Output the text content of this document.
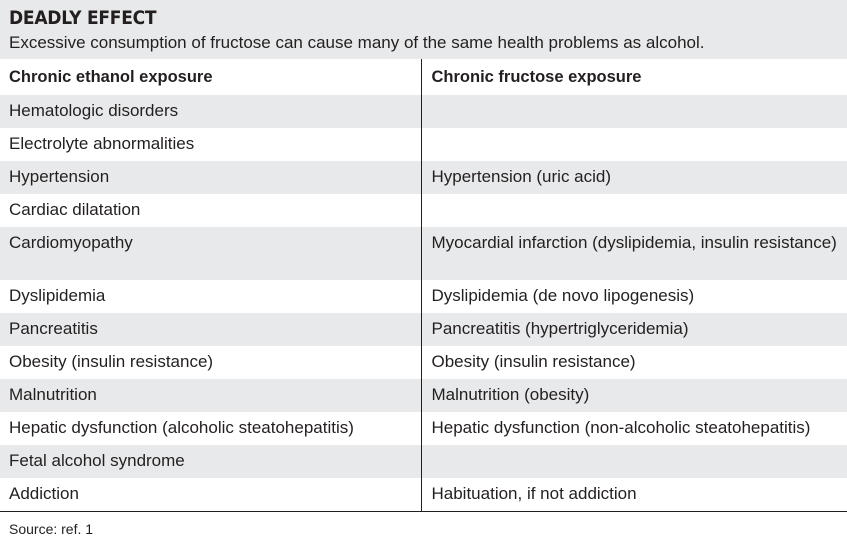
DEADLY EFFECT
Excessive consumption of fructose can cause many of the same health problems as alcohol.
Chronic ethanol exposure	Chronic fructose exposure
Hematologic disorders	
Electrolyte abnormalities	
Hypertension	Hypertension (uric acid)
Cardiac dilatation	
Cardiomyopathy	Myocardial infarction (dyslipidemia, insulin resistance)
Dyslipidemia	Dyslipidemia (de novo lipogenesis)
Pancreatitis	Pancreatitis (hypertriglyceridemia)
Obesity (insulin resistance)	Obesity (insulin resistance)
Malnutrition	Malnutrition (obesity)
Hepatic dysfunction (alcoholic steatohepatitis)	Hepatic dysfunction (non-alcoholic steatohepatitis)
Fetal alcohol syndrome	
Addiction	Habituation, if not addiction
Source: ref. 1
